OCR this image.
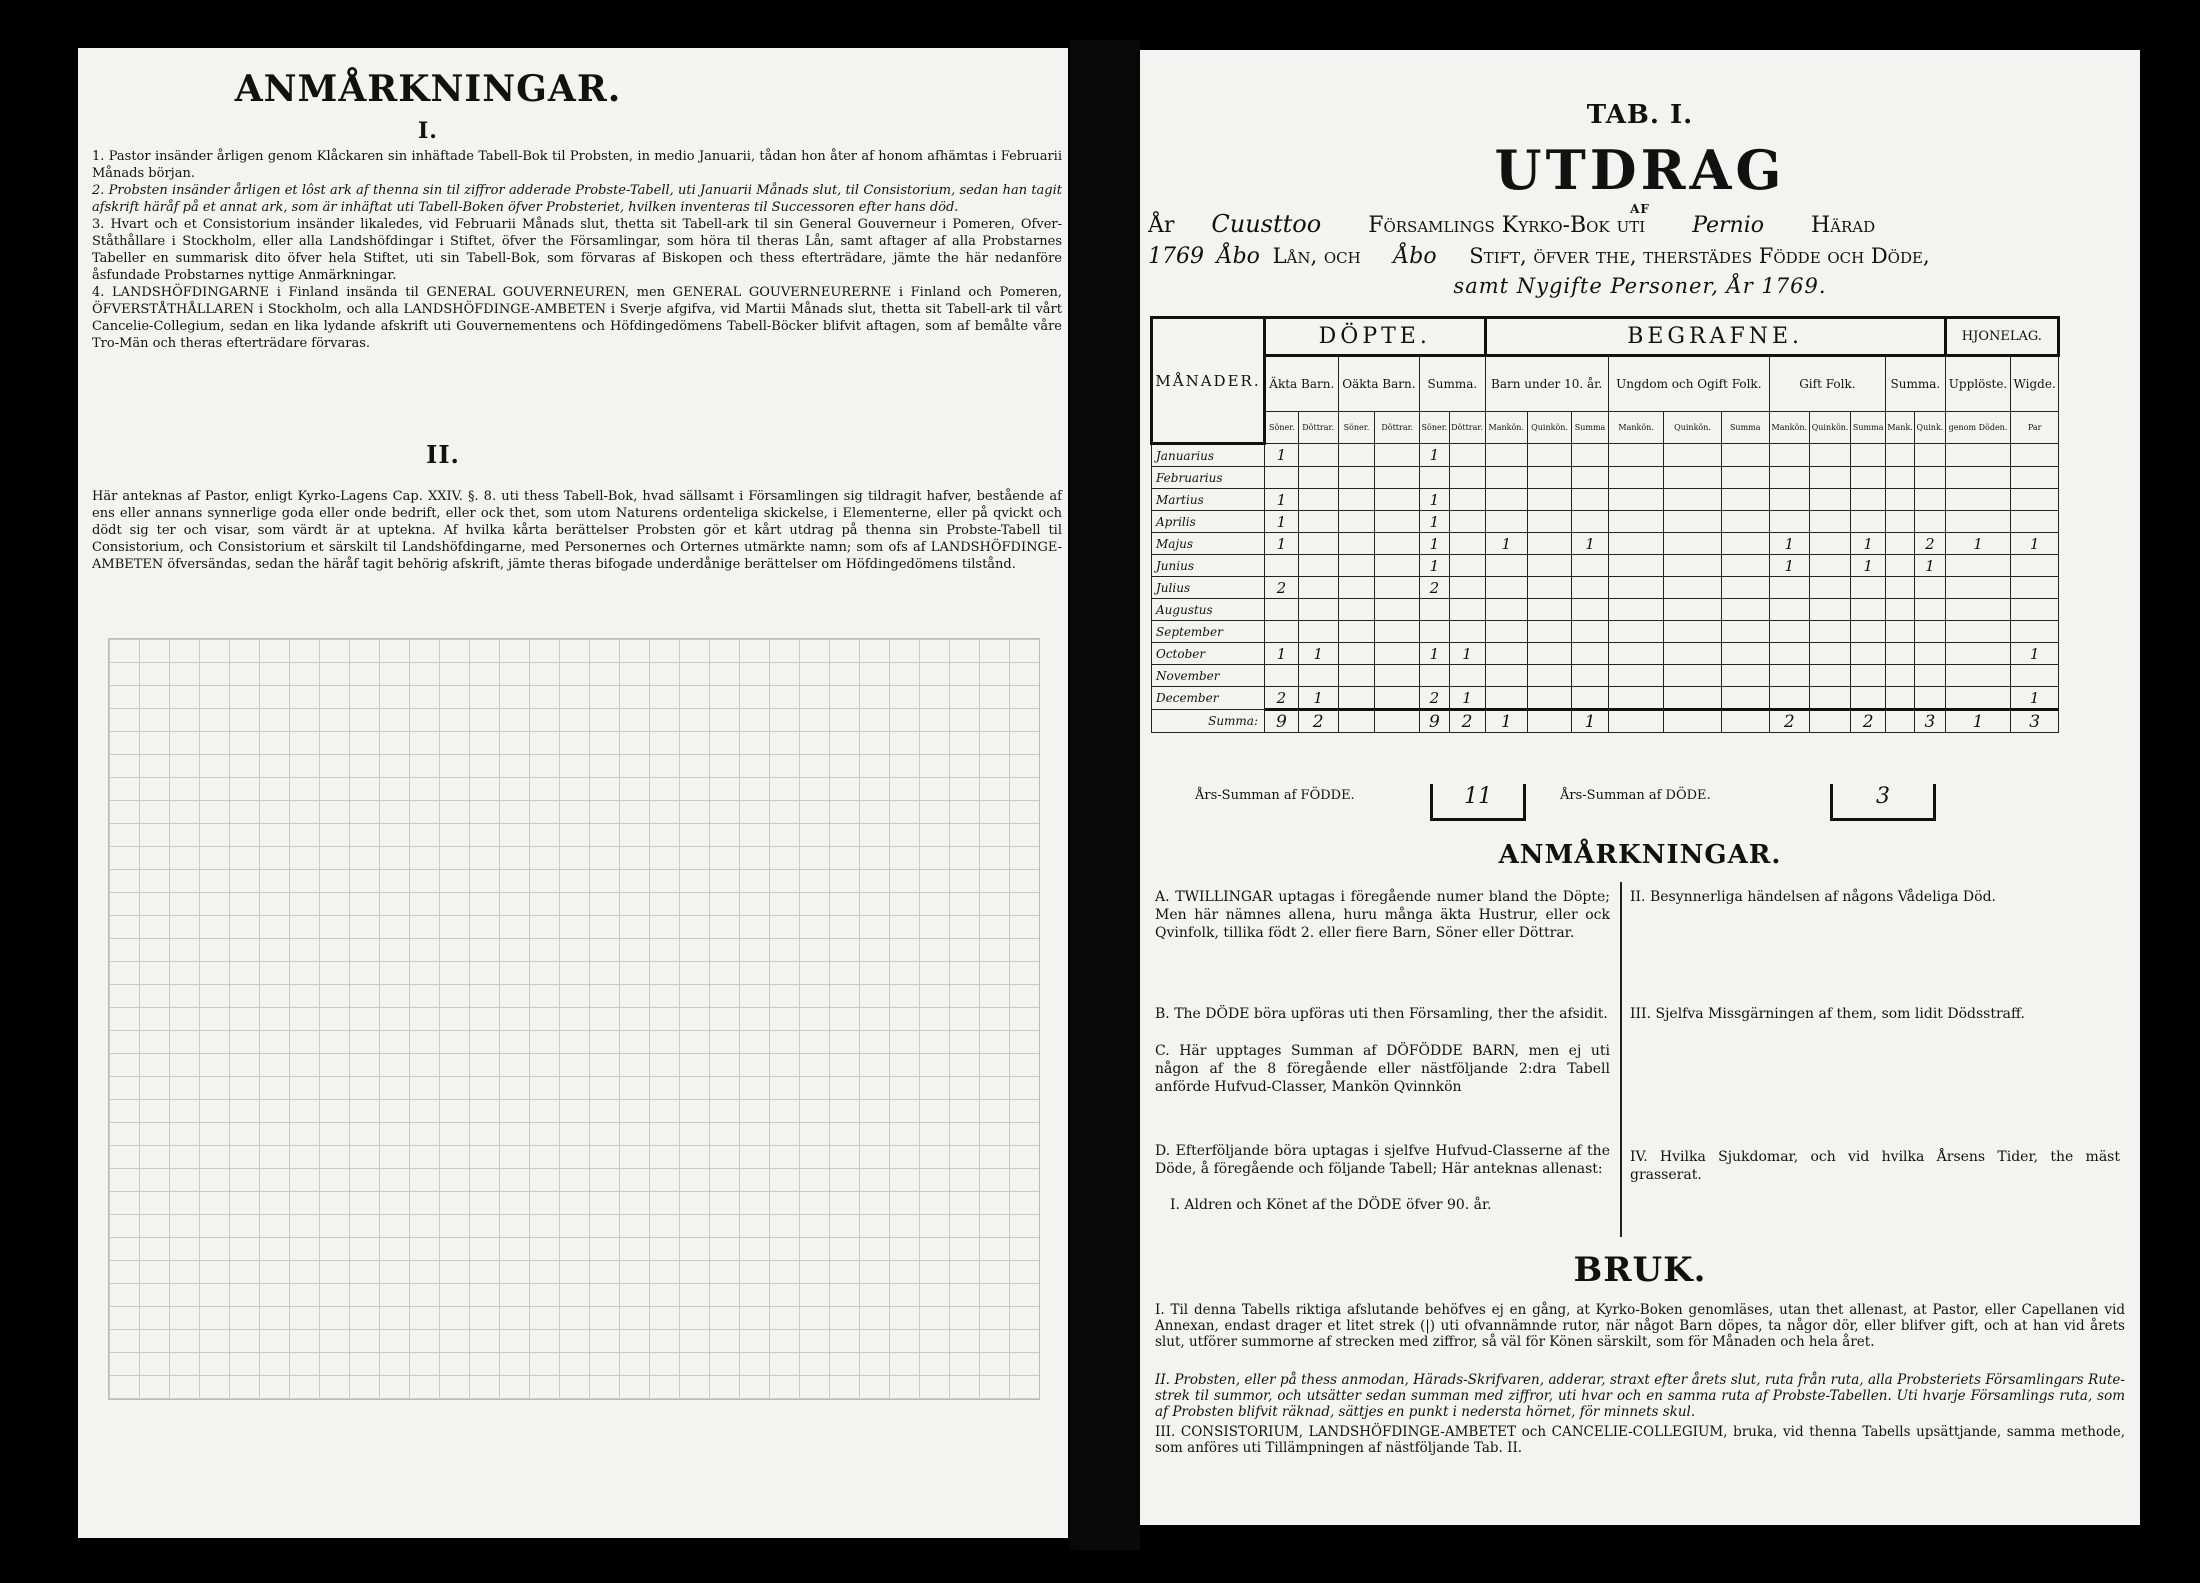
ANMÅRKNINGAR.
I.
1. Pastor insänder årligen genom Klåckaren sin inhäftade Tabell-Bok til Probsten, in medio Januarii, tådan hon åter af honom afhämtas i Februarii Månads början.
2. Probsten insänder årligen et lôst ark af thenna sin til ziffror adderade Probste-Tabell, uti Januarii Månads slut, til Consistorium, sedan han tagit afskrift häråf på et annat ark, som är inhäftat uti Tabell-Boken öfver Probsteriet, hvilken inventeras til Successoren efter hans död.
3. Hvart och et Consistorium insänder likaledes, vid Februarii Månads slut, thetta sit Tabell-ark til sin General Gouverneur i Pomeren, Ofver-Ståthållare i Stockholm, eller alla Landshöfdingar i Stiftet, öfver the Församlingar, som höra til theras Lån, samt aftager af alla Probstarnes Tabeller en summarisk dito öfver hela Stiftet, uti sin Tabell-Bok, som förvaras af Biskopen och thess efterträdare, jämte the här nedanföre åsfundade Probstarnes nyttige Anmärkningar.
4. LANDSHÖFDINGARNE i Finland insända til GENERAL GOUVERNEUREN, men GENERAL GOUVERNEURERNE i Finland och Pomeren, ÖFVERSTÅTHÅLLAREN i Stockholm, och alla LANDSHÖFDINGE-AMBETEN i Sverje afgifva, vid Martii Månads slut, thetta sit Tabell-ark til vårt Cancelie-Collegium, sedan en lika lydande afskrift uti Gouvernementens och Höfdingedömens Tabell-Böcker blifvit aftagen, som af bemålte våre Tro-Män och theras efterträdare förvaras.
II.
Här anteknas af Pastor, enligt Kyrko-Lagens Cap. XXIV. §. 8. uti thess Tabell-Bok, hvad sällsamt i Församlingen sig tildragit hafver, bestående af ens eller annans synnerlige goda eller onde bedrift, eller ock thet, som utom Naturens ordenteliga skickelse, i Elementerne, eller på qvickt och dödt sig ter och visar, som värdt är at uptekna. Af hvilka kårta berättelser Probsten gör et kårt utdrag på thenna sin Probste-Tabell til Consistorium, och Consistorium et särskilt til Landshöfdingarne, med Personernes och Orternes utmärkte namn; som ofs af LANDSHÖFDINGE-AMBETEN öfversändas, sedan the häråf tagit behörig afskrift, jämte theras bifogade underdånige berättelser om Höfdingedömens tilstånd.
TAB. I.
UTDRAG
AF
År Cuusttoo Församlings Kyrko-Bok uti Pernio Härad
1769 Åbo Lån, och Åbo Stift, öfver the, therstädes Födde och Döde,
samt Nygifte Personer, År 1769.
MÅNADER.	DÖPTE.						BEGRAFNE.											HJONELAG.	
	Äkta Barn.		Oäkta Barn.		Summa.		Barn under 10. år.			Ungdom och Ogift Folk.			Gift Folk.			Summa.		Upplöste.	Wigde.
	Söner.	Döttrar.	Söner.	Döttrar.	Söner.	Döttrar.	Mankön.	Quinkön.	Summa	Mankön.	Quinkön.	Summa	Mankön.	Quinkön.	Summa	Mank.	Quink.	genom Döden.	Par
Januarius	1				1														
Februarius																			
Martius	1				1														
Aprilis	1				1														
Majus	1				1		1		1				1		1		2	1	1
Junius					1								1		1		1		
Julius	2				2														
Augustus																			
September																			
October	1	1			1	1													1
November																			
December	2	1			2	1													1
Summa:	9	2			9	2	1		1				2		2		3	1	3
Års-Summan af FÖDDE.	11	Års-Summan af DÖDE.	3
ANMÅRKNINGAR.
A. TWILLINGAR uptagas i föregående numer bland the Döpte; Men här nämnes allena, huru många äkta Hustrur, eller ock Qvinfolk, tillika födt 2. eller fiere Barn, Söner eller Döttrar.
B. The DÖDE böra upföras uti then Församling, ther the afsidit.
C. Här upptages Summan af DÖFÖDDE BARN, men ej uti någon af the 8 föregående eller nästföljande 2:dra Tabell anförde Hufvud-Classer, Mankön Qvinnkön
D. Efterföljande böra uptagas i sjelfve Hufvud-Classerne af the Döde, å föregående och följande Tabell; Här anteknas allenast:
I. Aldren och Könet af the DÖDE öfver 90. år.
II. Besynnerliga händelsen af någons Vådeliga Död.
III. Sjelfva Missgärningen af them, som lidit Dödsstraff.
IV. Hvilka Sjukdomar, och vid hvilka Årsens Tider, the mäst grasserat.
BRUK.
I. Til denna Tabells riktiga afslutande behöfves ej en gång, at Kyrko-Boken genomläses, utan thet allenast, at Pastor, eller Capellanen vid Annexan, endast drager et litet strek (|) uti ofvannämnde rutor, när något Barn döpes, ta någor dör, eller blifver gift, och at han vid årets slut, utförer summorne af strecken med ziffror, så väl för Könen särskilt, som för Månaden och hela året.
II. Probsten, eller på thess anmodan, Härads-Skrifvaren, adderar, straxt efter årets slut, ruta från ruta, alla Probsteriets Församlingars Rute-strek til summor, och utsätter sedan summan med ziffror, uti hvar och en samma ruta af Probste-Tabellen. Uti hvarje Församlings ruta, som af Probsten blifvit räknad, sättjes en punkt i nedersta hörnet, för minnets skul.
III. CONSISTORIUM, LANDSHÖFDINGE-AMBETET och CANCELIE-COLLEGIUM, bruka, vid thenna Tabells upsättjande, samma methode, som anföres uti Tillämpningen af nästföljande Tab. II.
